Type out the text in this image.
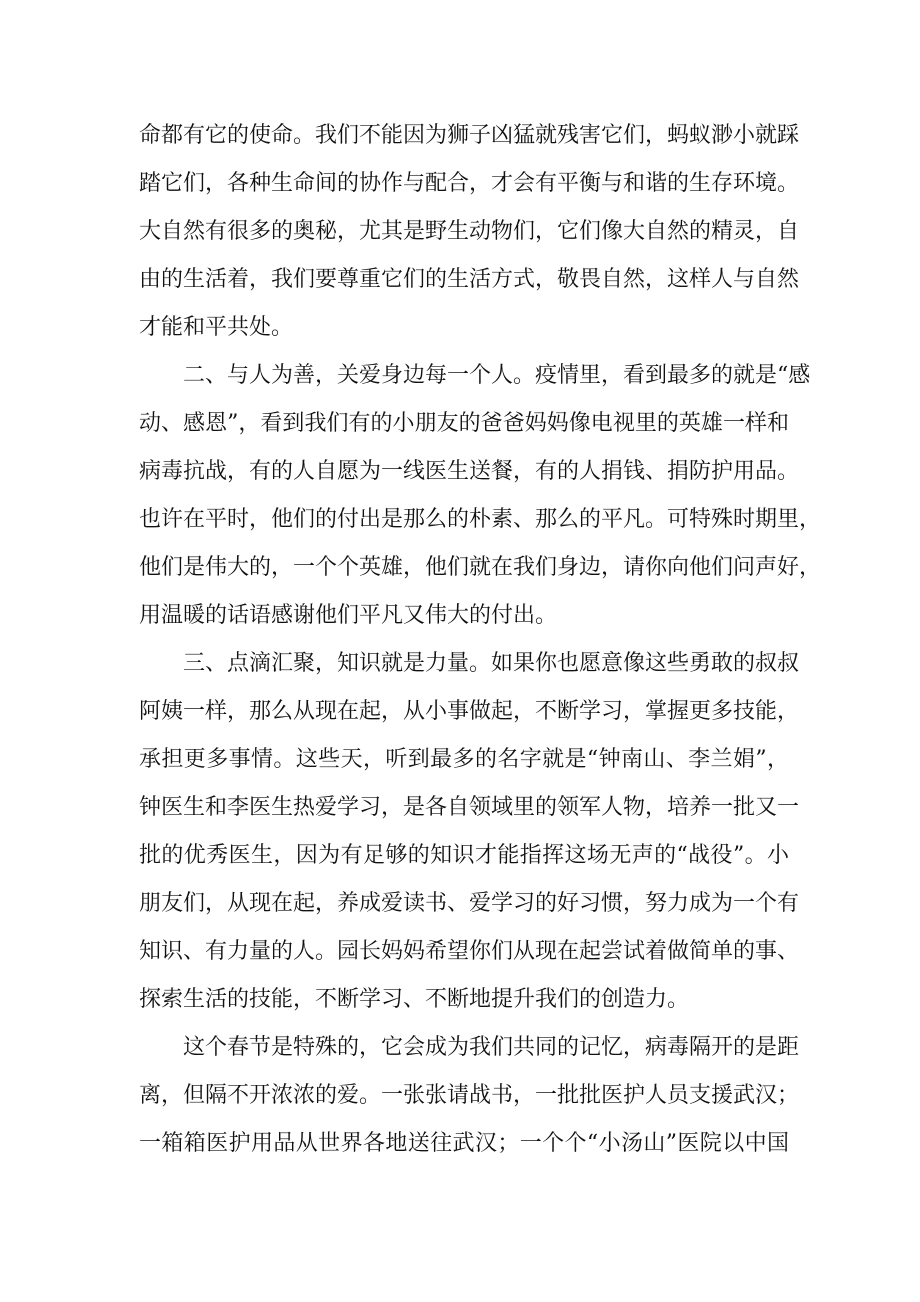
命都有它的使命。我们不能因为狮子凶猛就残害它们，蚂蚁渺小就踩
踏它们，各种生命间的协作与配合，才会有平衡与和谐的生存环境。
大自然有很多的奥秘，尤其是野生动物们，它们像大自然的精灵，自
由的生活着，我们要尊重它们的生活方式，敬畏自然，这样人与自然
才能和平共处。
二、与人为善，关爱身边每一个人。疫情里，看到最多的就是“感
动、感恩”，看到我们有的小朋友的爸爸妈妈像电视里的英雄一样和
病毒抗战，有的人自愿为一线医生送餐，有的人捐钱、捐防护用品。
也许在平时，他们的付出是那么的朴素、那么的平凡。可特殊时期里，
他们是伟大的，一个个英雄，他们就在我们身边，请你向他们问声好，
用温暖的话语感谢他们平凡又伟大的付出。
三、点滴汇聚，知识就是力量。如果你也愿意像这些勇敢的叔叔
阿姨一样，那么从现在起，从小事做起，不断学习，掌握更多技能，
承担更多事情。这些天，听到最多的名字就是“钟南山、李兰娟”，
钟医生和李医生热爱学习，是各自领域里的领军人物，培养一批又一
批的优秀医生，因为有足够的知识才能指挥这场无声的“战役”。小
朋友们，从现在起，养成爱读书、爱学习的好习惯，努力成为一个有
知识、有力量的人。园长妈妈希望你们从现在起尝试着做简单的事、
探索生活的技能，不断学习、不断地提升我们的创造力。
这个春节是特殊的，它会成为我们共同的记忆，病毒隔开的是距
离，但隔不开浓浓的爱。一张张请战书，一批批医护人员支援武汉；
一箱箱医护用品从世界各地送往武汉；一个个“小汤山”医院以中国
